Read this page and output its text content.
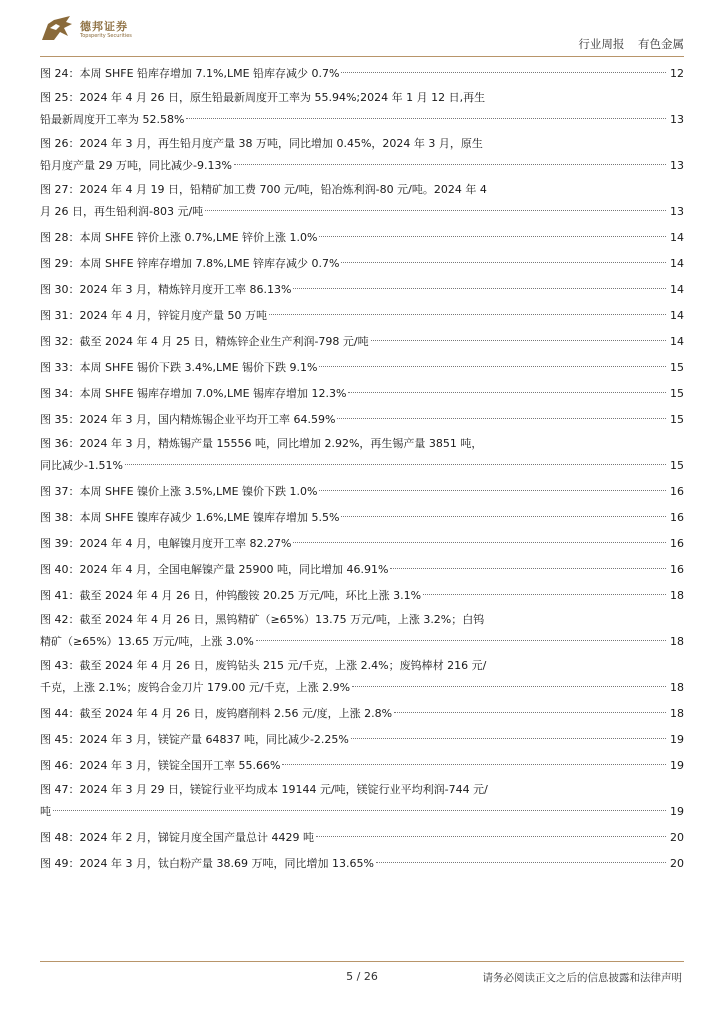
德邦证券
Topsperity Securities
行业周报 有色金属
图 24：本周 SHFE 铅库存增加 7.1%,LME 铅库存减少 0.7%	12
图 25：2024 年 4 月 26 日，原生铅最新周度开工率为 55.94%;2024 年 1 月 12 日,再生
铅最新周度开工率为 52.58%	13
图 26：2024 年 3 月，再生铅月度产量 38 万吨，同比增加 0.45%，2024 年 3 月，原生
铅月度产量 29 万吨，同比减少-9.13%	13
图 27：2024 年 4 月 19 日，铅精矿加工费 700 元/吨，铅冶炼利润-80 元/吨。2024 年 4
月 26 日，再生铅利润-803 元/吨	13
图 28：本周 SHFE 锌价上涨 0.7%,LME 锌价上涨 1.0%	14
图 29：本周 SHFE 锌库存增加 7.8%,LME 锌库存减少 0.7%	14
图 30：2024 年 3 月，精炼锌月度开工率 86.13%	14
图 31：2024 年 4 月，锌锭月度产量 50 万吨	14
图 32：截至 2024 年 4 月 25 日，精炼锌企业生产利润-798 元/吨	14
图 33：本周 SHFE 锡价下跌 3.4%,LME 锡价下跌 9.1%	15
图 34：本周 SHFE 锡库存增加 7.0%,LME 锡库存增加 12.3%	15
图 35：2024 年 3 月，国内精炼锡企业平均开工率 64.59%	15
图 36：2024 年 3 月，精炼锡产量 15556 吨，同比增加 2.92%，再生锡产量 3851 吨，
同比减少-1.51%	15
图 37：本周 SHFE 镍价上涨 3.5%,LME 镍价下跌 1.0%	16
图 38：本周 SHFE 镍库存减少 1.6%,LME 镍库存增加 5.5%	16
图 39：2024 年 4 月，电解镍月度开工率 82.27%	16
图 40：2024 年 4 月，全国电解镍产量 25900 吨，同比增加 46.91%	16
图 41：截至 2024 年 4 月 26 日，仲钨酸铵 20.25 万元/吨，环比上涨 3.1%	18
图 42：截至 2024 年 4 月 26 日，黑钨精矿（≥65%）13.75 万元/吨，上涨 3.2%；白钨
精矿（≥65%）13.65 万元/吨，上涨 3.0%	18
图 43：截至 2024 年 4 月 26 日，废钨钻头 215 元/千克，上涨 2.4%；废钨棒材 216 元/
千克，上涨 2.1%；废钨合金刀片 179.00 元/千克，上涨 2.9%	18
图 44：截至 2024 年 4 月 26 日，废钨磨削料 2.56 元/度，上涨 2.8%	18
图 45：2024 年 3 月，镁锭产量 64837 吨，同比减少-2.25%	19
图 46：2024 年 3 月，镁锭全国开工率 55.66%	19
图 47：2024 年 3 月 29 日，镁锭行业平均成本 19144 元/吨，镁锭行业平均利润-744 元/
吨	19
图 48：2024 年 2 月，锑锭月度全国产量总计 4429 吨	20
图 49：2024 年 3 月，钛白粉产量 38.69 万吨，同比增加 13.65%	20
5 / 26	请务必阅读正文之后的信息披露和法律声明
